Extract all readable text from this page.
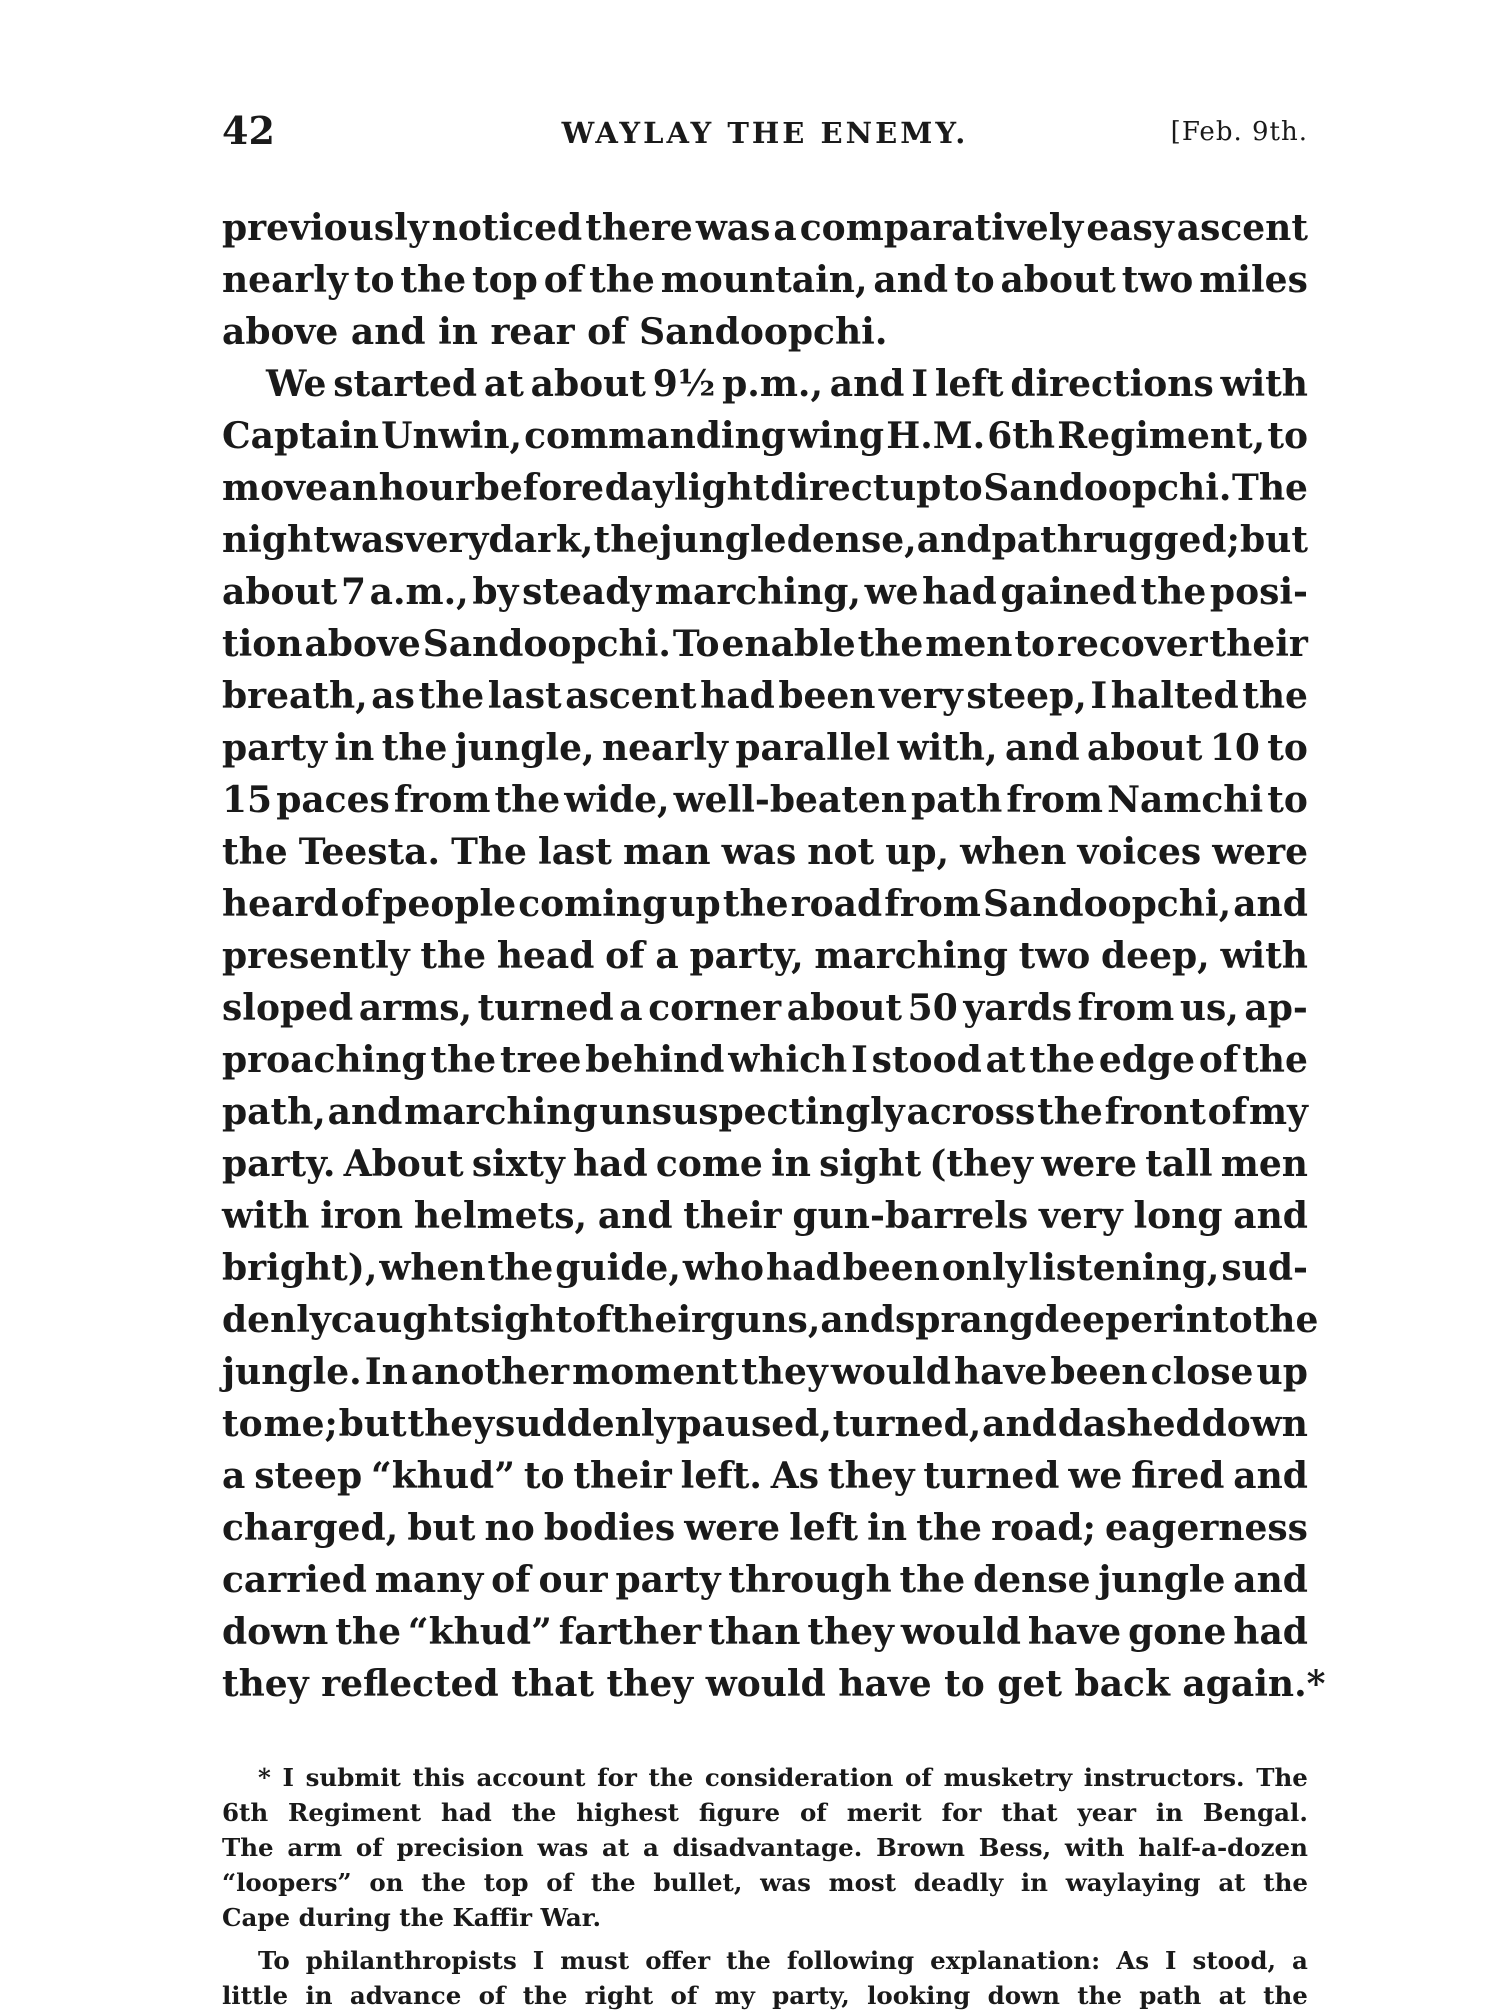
42	WAYLAY THE ENEMY.	[Feb. 9th.
previously noticed there was a comparatively easy ascent
nearly to the top of the mountain, and to about two miles
above and in rear of Sandoopchi.
We started at about 9½ p.m., and I left directions with
Captain Unwin, commanding wing H.M. 6th Regiment, to
move an hour before daylight direct up to Sandoopchi. The
night was very dark, the jungle dense, and path rugged; but
about 7 a.m., by steady marching, we had gained the posi-
tion above Sandoopchi. To enable the men to recover their
breath, as the last ascent had been very steep, I halted the
party in the jungle, nearly parallel with, and about 10 to
15 paces from the wide, well-beaten path from Namchi to
the Teesta. The last man was not up, when voices were
heard of people coming up the road from Sandoopchi, and
presently the head of a party, marching two deep, with
sloped arms, turned a corner about 50 yards from us, ap-
proaching the tree behind which I stood at the edge of the
path, and marching unsuspectingly across the front of my
party. About sixty had come in sight (they were tall men
with iron helmets, and their gun-barrels very long and
bright), when the guide, who had been only listening, sud-
denly caught sight of their guns, and sprang deeper into the
jungle. In another moment they would have been close up
to me; but they suddenly paused, turned, and dashed down
a steep “khud” to their left. As they turned we fired and
charged, but no bodies were left in the road; eagerness
carried many of our party through the dense jungle and
down the “khud” farther than they would have gone had
they reflected that they would have to get back again.*
* I submit this account for the consideration of musketry instructors. The
6th Regiment had the highest figure of merit for that year in Bengal.
The arm of precision was at a disadvantage. Brown Bess, with half-a-dozen
“loopers” on the top of the bullet, was most deadly in waylaying at the
Cape during the Kaffir War.
To philanthropists I must offer the following explanation: As I stood, a
little in advance of the right of my party, looking down the path at the
